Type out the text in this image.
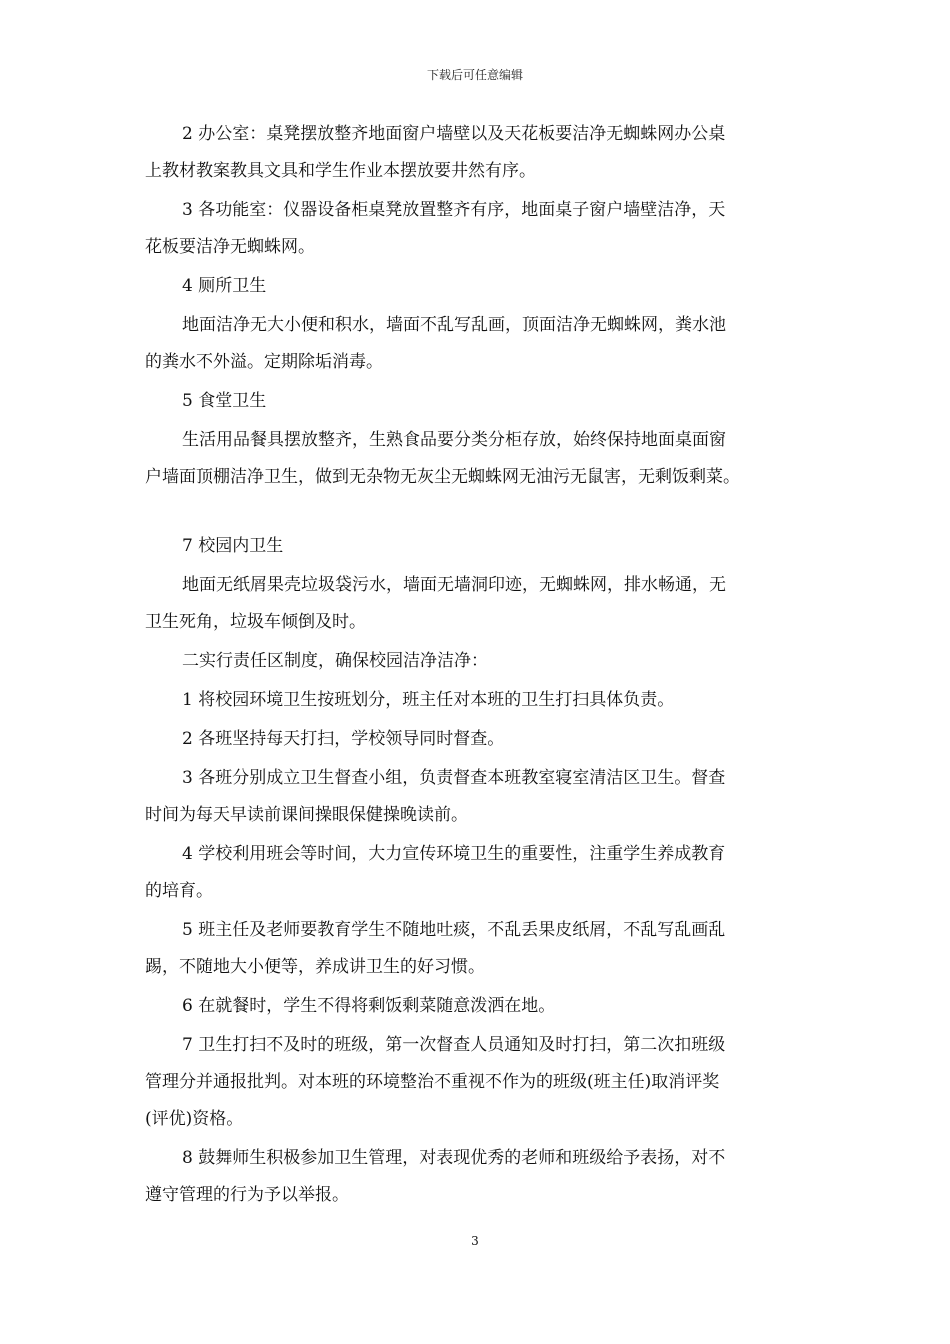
下载后可任意编辑

2 办公室：桌凳摆放整齐地面窗户墙壁以及天花板要洁净无蜘蛛网办公桌

上教材教案教具文具和学生作业本摆放要井然有序。

3 各功能室：仪器设备柜桌凳放置整齐有序，地面桌子窗户墙壁洁净，天

花板要洁净无蜘蛛网。

4 厕所卫生

地面洁净无大小便和积水，墙面不乱写乱画，顶面洁净无蜘蛛网，粪水池

的粪水不外溢。定期除垢消毒。

5 食堂卫生

生活用品餐具摆放整齐，生熟食品要分类分柜存放，始终保持地面桌面窗

户墙面顶棚洁净卫生，做到无杂物无灰尘无蜘蛛网无油污无鼠害，无剩饭剩菜。

7 校园内卫生

地面无纸屑果壳垃圾袋污水，墙面无墙洞印迹，无蜘蛛网，排水畅通，无

卫生死角，垃圾车倾倒及时。

二实行责任区制度，确保校园洁净洁净：

1 将校园环境卫生按班划分，班主任对本班的卫生打扫具体负责。

2 各班坚持每天打扫，学校领导同时督查。

3 各班分别成立卫生督查小组，负责督查本班教室寝室清洁区卫生。督查

时间为每天早读前课间操眼保健操晚读前。

4 学校利用班会等时间，大力宣传环境卫生的重要性，注重学生养成教育

的培育。

5 班主任及老师要教育学生不随地吐痰，不乱丢果皮纸屑，不乱写乱画乱

踢，不随地大小便等，养成讲卫生的好习惯。

6 在就餐时，学生不得将剩饭剩菜随意泼洒在地。

7 卫生打扫不及时的班级，第一次督查人员通知及时打扫，第二次扣班级

管理分并通报批判。对本班的环境整治不重视不作为的班级(班主任)取消评奖

(评优)资格。

8 鼓舞师生积极参加卫生管理，对表现优秀的老师和班级给予表扬，对不

遵守管理的行为予以举报。

3
